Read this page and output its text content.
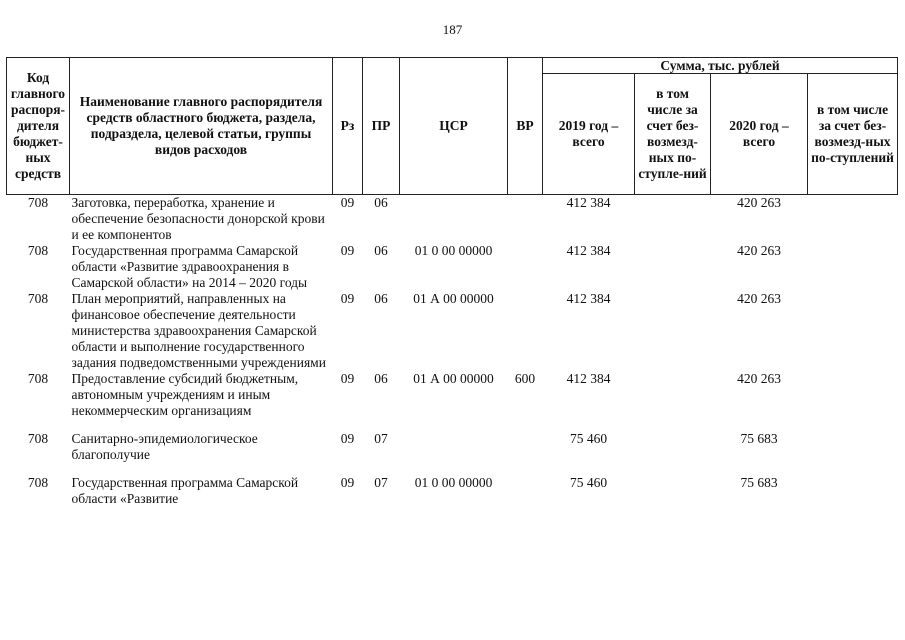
187
Код главного распоря-дителя бюджет-ных средств	Наименование главного распорядителя средств областного бюджета, раздела, подраздела, целевой статьи, группы видов расходов	Рз	ПР	ЦСР	ВР	Сумма, тыс. рублей			
						2019 год – всего	в том числе за счет без-возмезд-ных по-ступле-ний	2020 год – всего	в том числе за счет без-возмезд-ных по-ступлений
708	Заготовка, переработка, хранение и обеспечение безопасности донорской крови и ее компонентов	09	06			412 384		420 263	
708	Государственная программа Самарской области «Развитие здравоохранения в Самарской области» на 2014 – 2020 годы	09	06	01 0 00 00000		412 384		420 263	
708	План мероприятий, направленных на финансовое обеспечение деятельности министерства здравоохранения Самарской области и выполнение государственного задания подведомственными учреждениями	09	06	01 А 00 00000		412 384		420 263	
708	Предоставление субсидий бюджетным, автономным учреждениям и иным некоммерческим организациям	09	06	01 А 00 00000	600	412 384		420 263	
708	Санитарно-эпидемиологическое благополучие	09	07			75 460		75 683	
708	Государственная программа Самарской области «Развитие	09	07	01 0 00 00000		75 460		75 683	
